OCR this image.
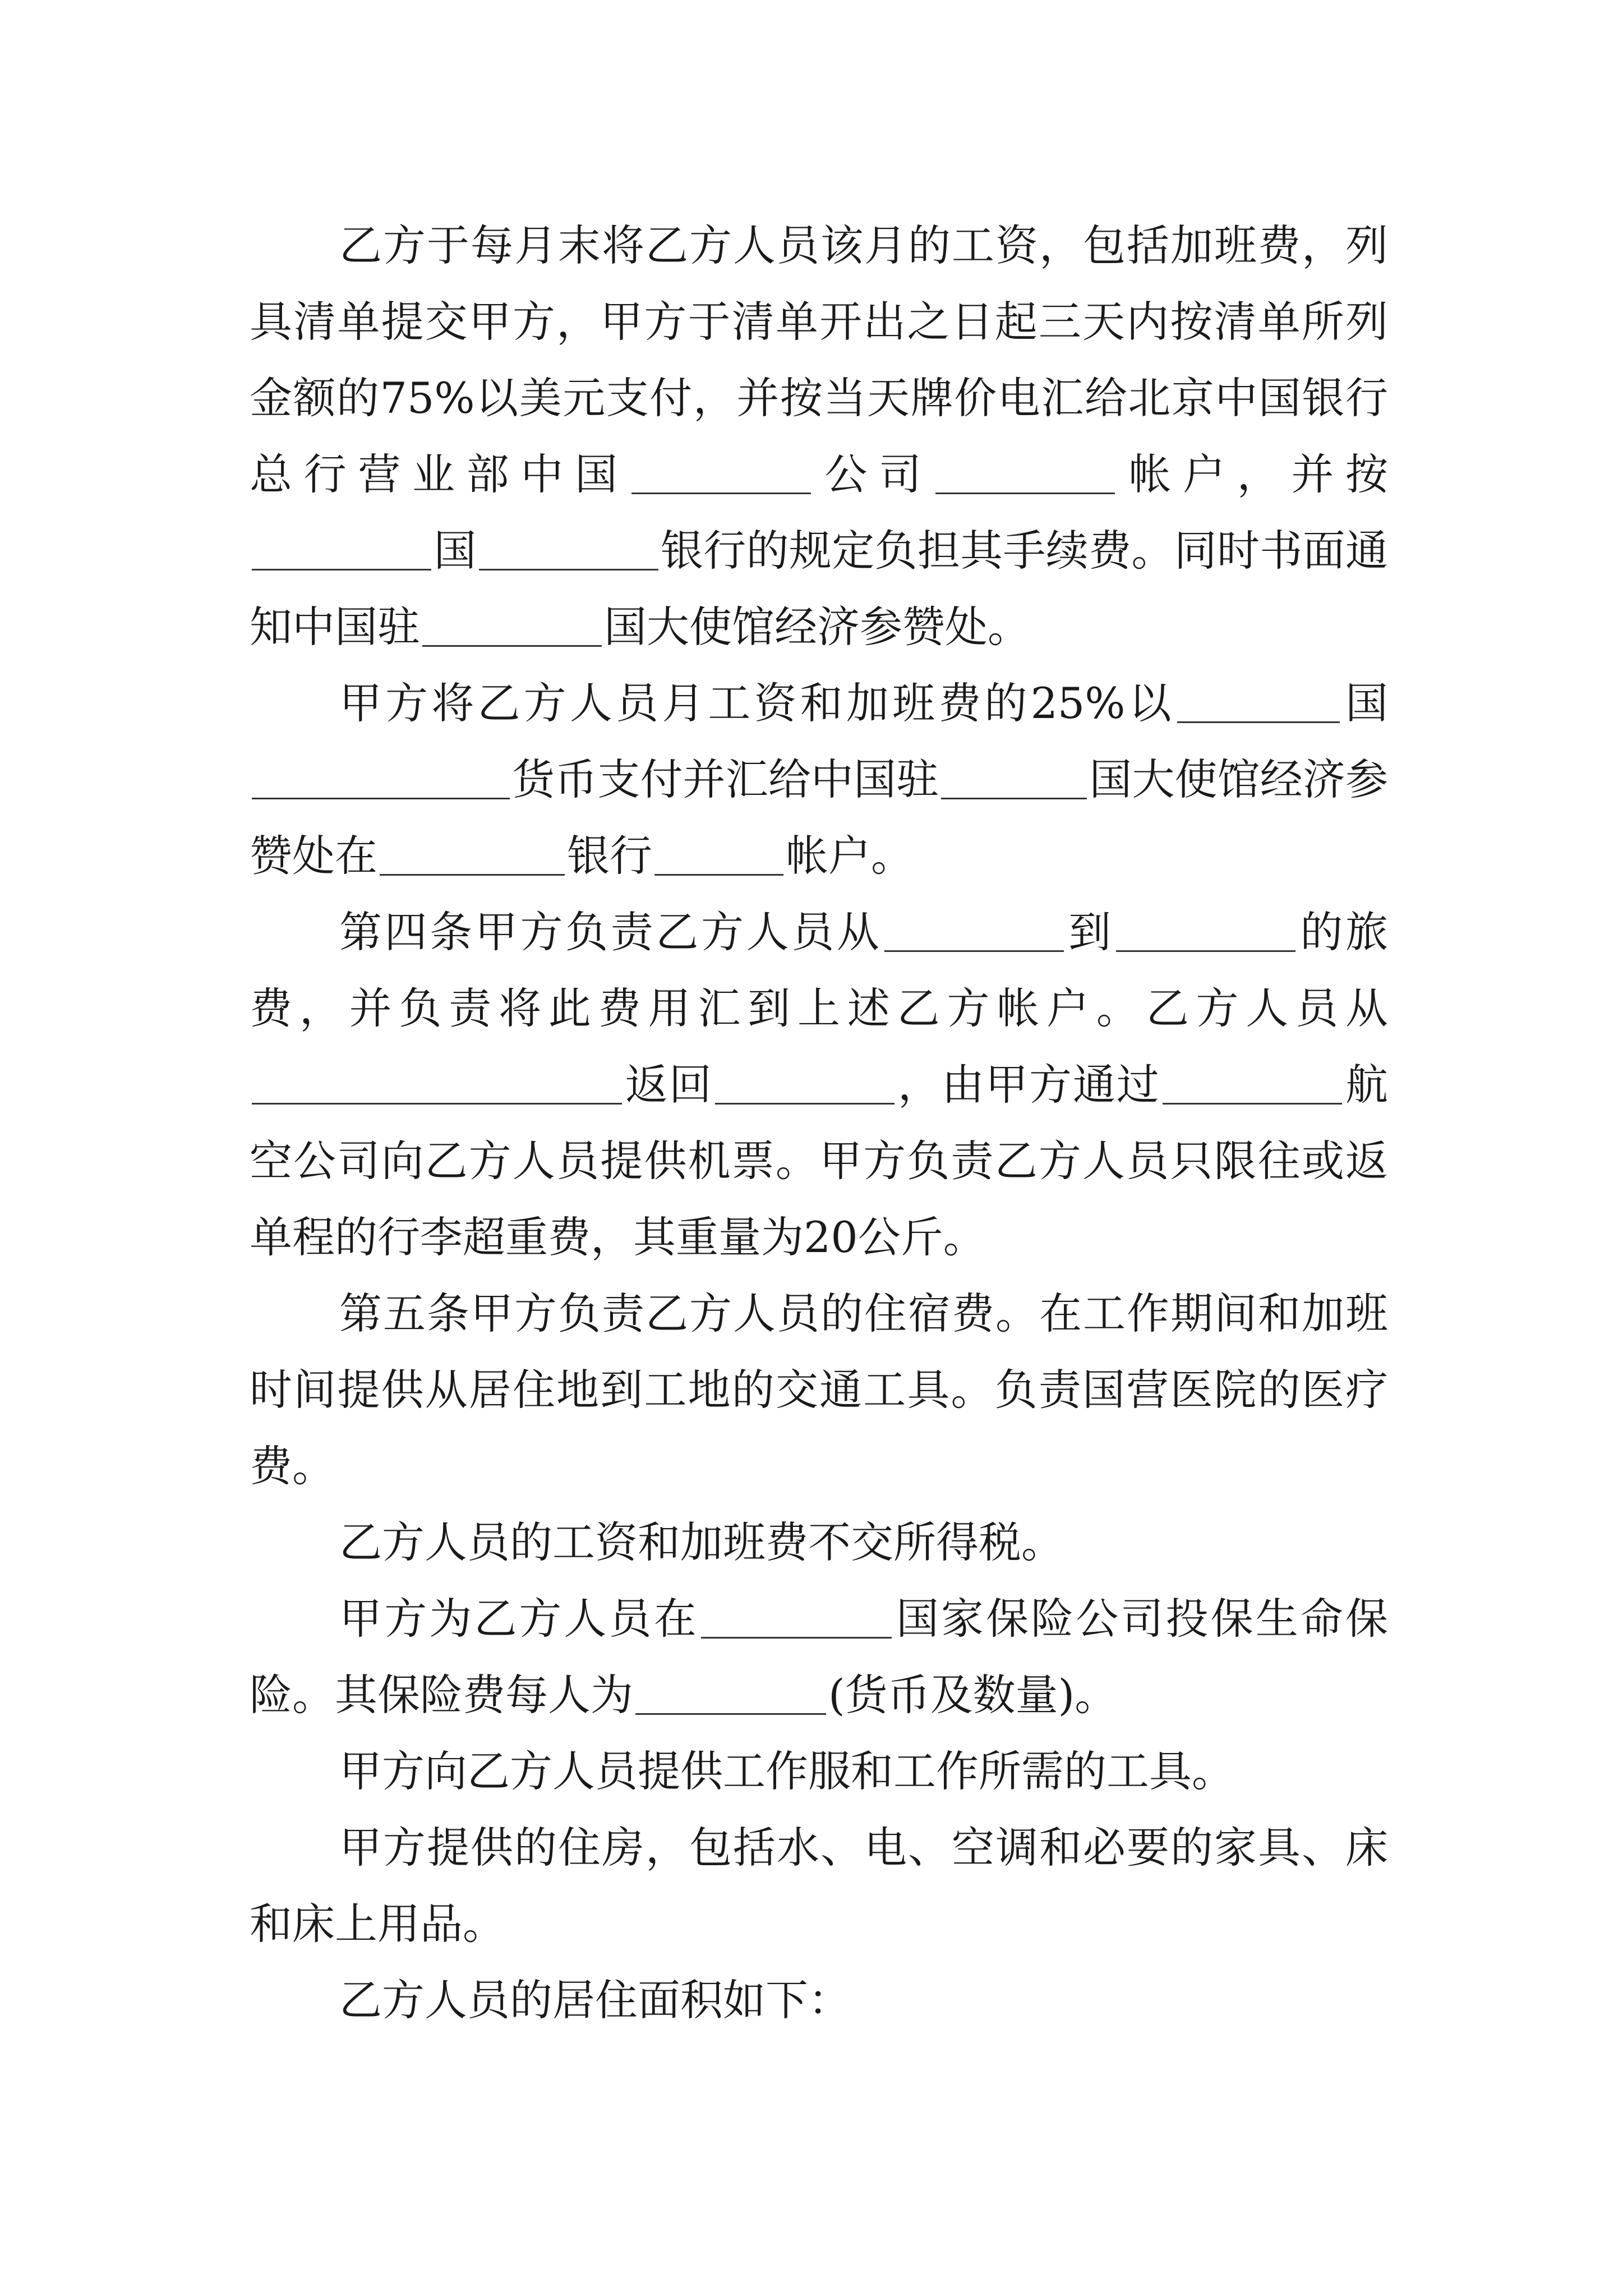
乙方于每月末将乙方人员该月的工资，包括加班费，列具清单提交甲方，甲方于清单开出之日起三天内按清单所列金额的75%以美元支付，并按当天牌价电汇给北京中国银行总行营业部中国	公司	帐户，并按国	银行的规定负担其手续费。同时书面通知中国驻	国大使馆经济参赞处。

甲方将乙方人员月工资和加班费的25%以	国货币支付并汇给中国驻	国大使馆经济参赞处在	银行	帐户。

第四条甲方负责乙方人员从	到	的旅费，并负责将此费用汇到上述乙方帐户。乙方人员从返回	，由甲方通过	航空公司向乙方人员提供机票。甲方负责乙方人员只限往或返单程的行李超重费，其重量为20公斤。

第五条甲方负责乙方人员的住宿费。在工作期间和加班时间提供从居住地到工地的交通工具。负责国营医院的医疗费。

乙方人员的工资和加班费不交所得税。

甲方为乙方人员在	国家保险公司投保生命保险。其保险费每人为	(货币及数量)。

甲方向乙方人员提供工作服和工作所需的工具。

甲方提供的住房，包括水、电、空调和必要的家具、床和床上用品。

乙方人员的居住面积如下：
